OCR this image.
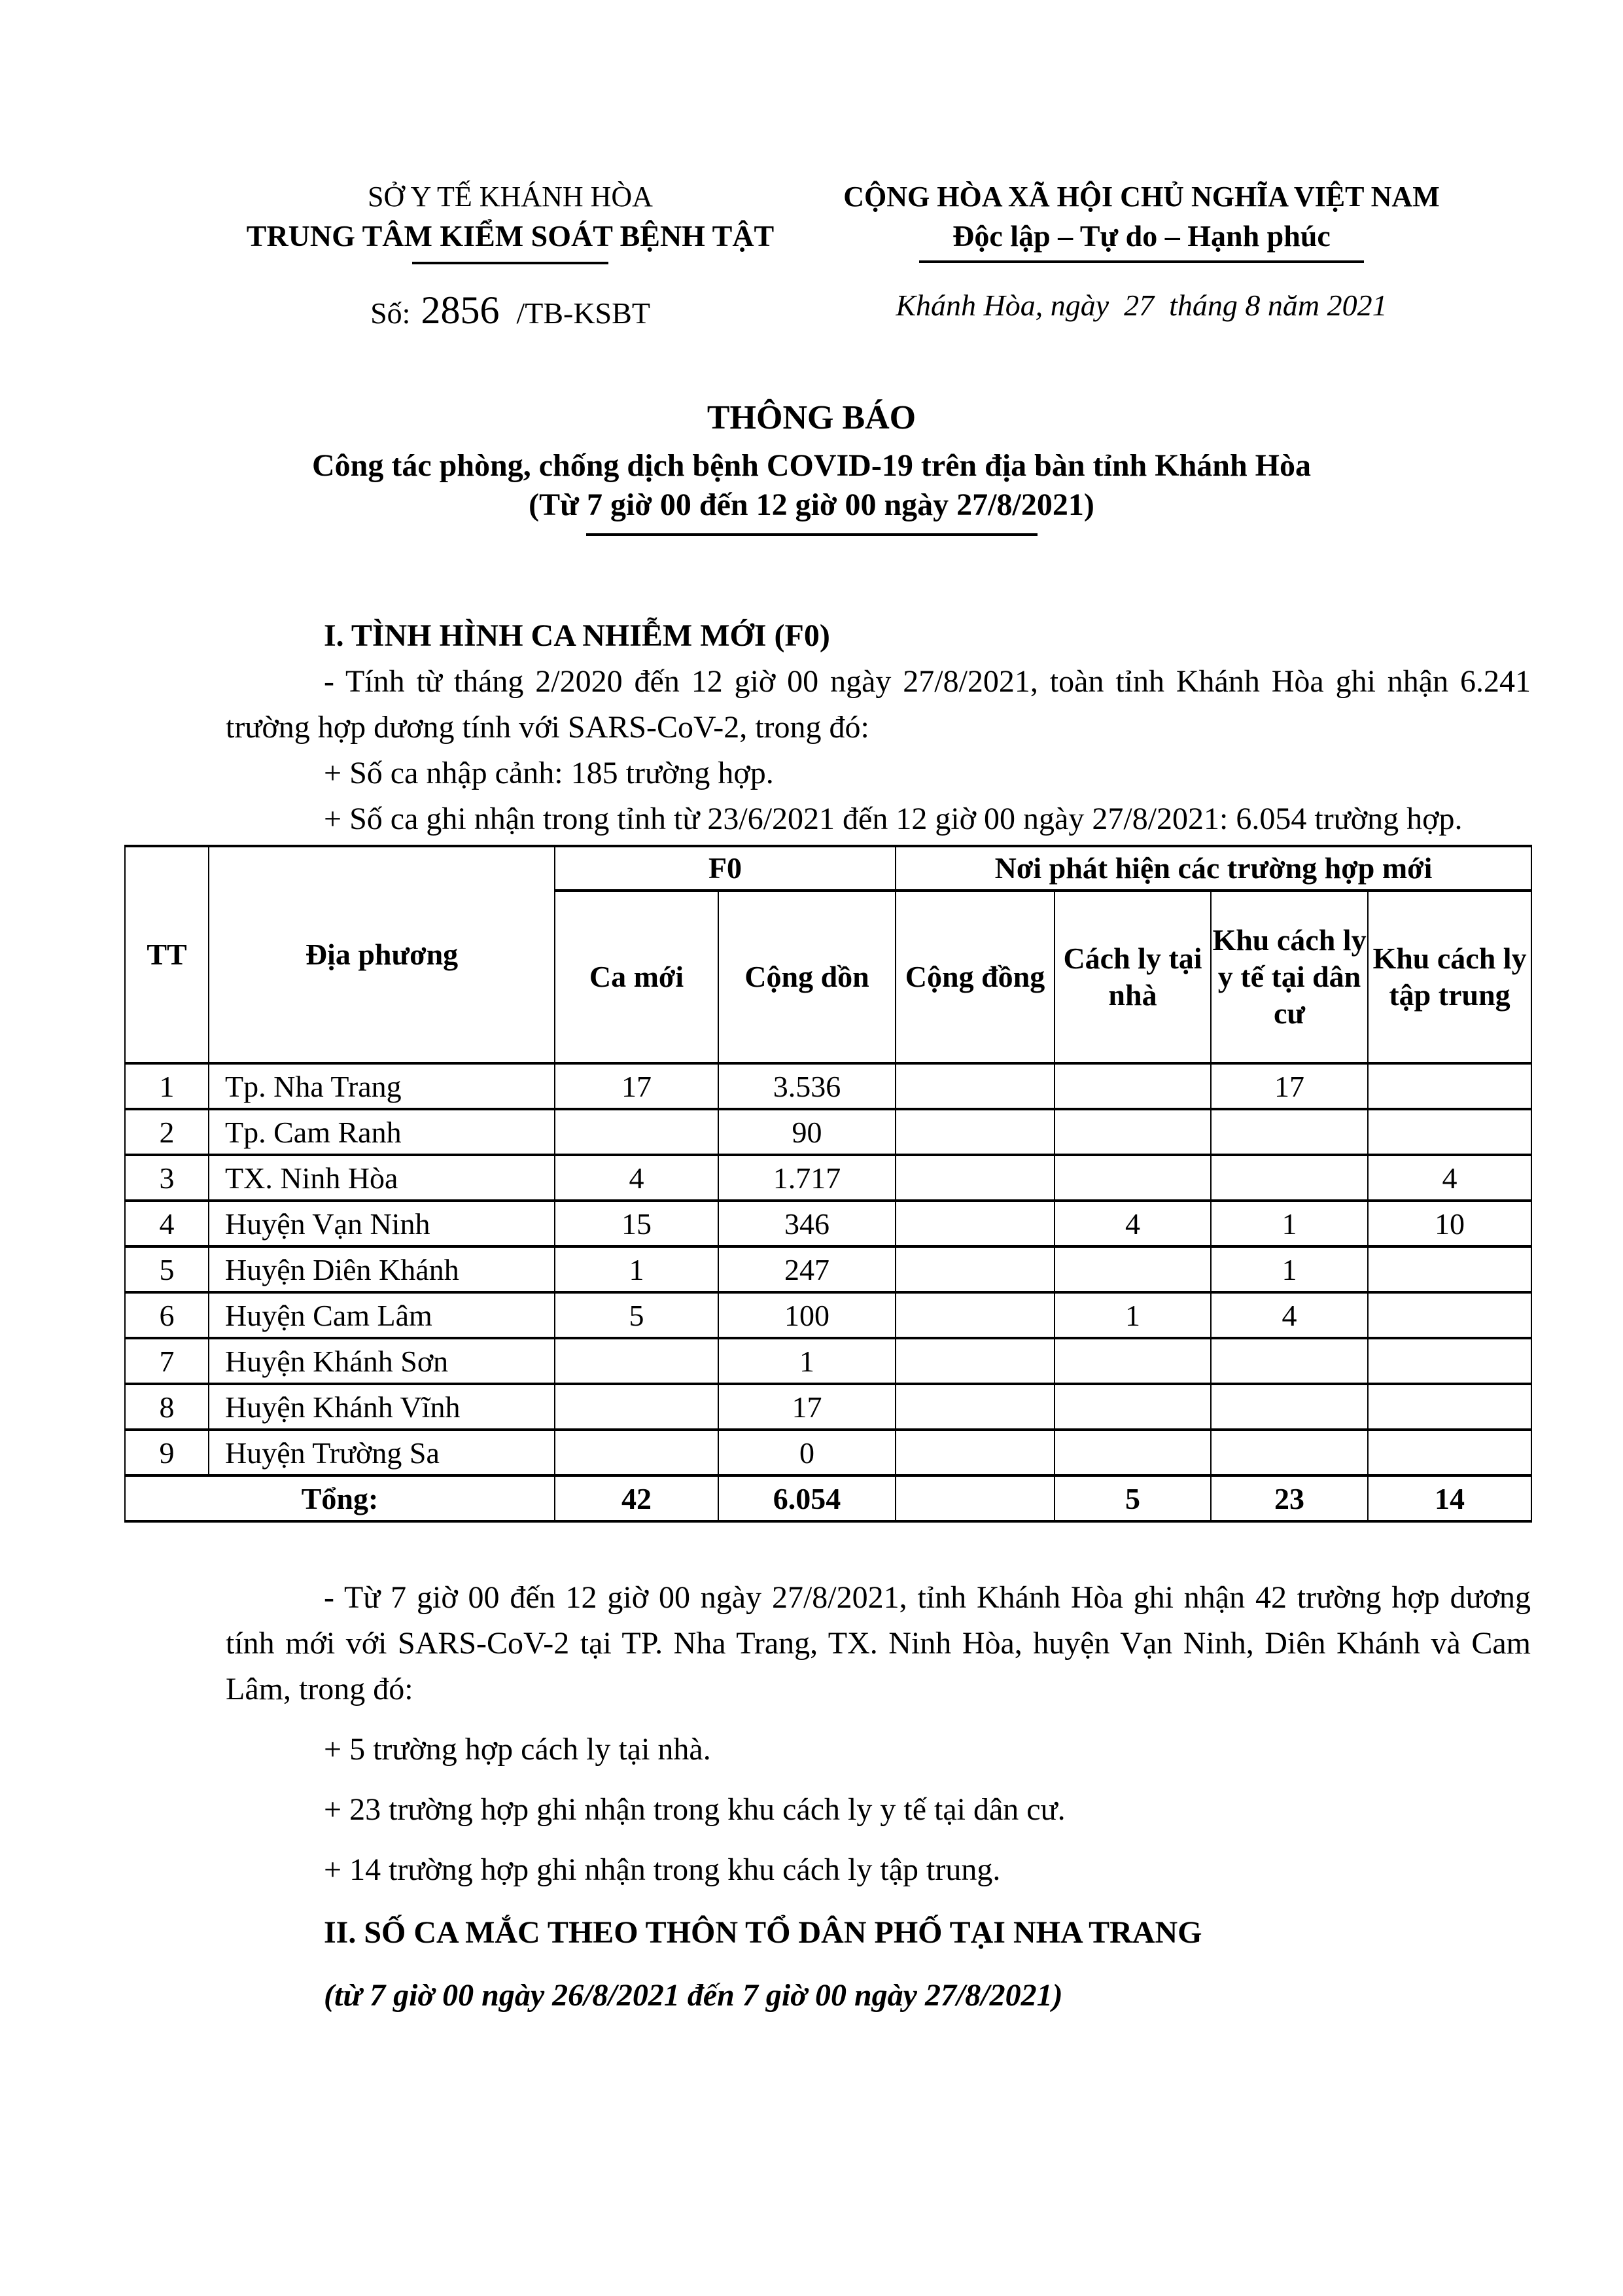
SỞ Y TẾ KHÁNH HÒA
TRUNG TÂM KIỂM SOÁT BỆNH TẬT
Số: 2856 /TB-KSBT
CỘNG HÒA XÃ HỘI CHỦ NGHĨA VIỆT NAM
Độc lập – Tự do – Hạnh phúc
Khánh Hòa, ngày  27  tháng 8 năm 2021
THÔNG BÁO
Công tác phòng, chống dịch bệnh COVID-19 trên địa bàn tỉnh Khánh Hòa
(Từ 7 giờ 00 đến 12 giờ 00 ngày 27/8/2021)

I. TÌNH HÌNH CA NHIỄM MỚI (F0)

- Tính từ tháng 2/2020 đến 12 giờ 00 ngày 27/8/2021, toàn tỉnh Khánh Hòa ghi nhận 6.241 trường hợp dương tính với SARS-CoV-2, trong đó:

+ Số ca nhập cảnh: 185 trường hợp.

+ Số ca ghi nhận trong tỉnh từ 23/6/2021 đến 12 giờ 00 ngày 27/8/2021: 6.054 trường hợp.

TT	Địa phương	F0		Nơi phát hiện các trường hợp mới			
		Ca mới	Cộng dồn	Cộng đồng	Cách ly tại nhà	Khu cách ly y tế tại dân cư	Khu cách ly tập trung
1	Tp. Nha Trang	17	3.536			17	
2	Tp. Cam Ranh		90				
3	TX. Ninh Hòa	4	1.717				4
4	Huyện Vạn Ninh	15	346		4	1	10
5	Huyện Diên Khánh	1	247			1	
6	Huyện Cam Lâm	5	100		1	4	
7	Huyện Khánh Sơn		1				
8	Huyện Khánh Vĩnh		17				
9	Huyện Trường Sa		0				
Tổng:		42	6.054		5	23	14

- Từ 7 giờ 00 đến 12 giờ 00 ngày 27/8/2021, tỉnh Khánh Hòa ghi nhận 42 trường hợp dương tính mới với SARS-CoV-2 tại TP. Nha Trang, TX. Ninh Hòa, huyện Vạn Ninh, Diên Khánh và Cam Lâm, trong đó:

+ 5 trường hợp cách ly tại nhà.

+ 23 trường hợp ghi nhận trong khu cách ly y tế tại dân cư.

+ 14 trường hợp ghi nhận trong khu cách ly tập trung.

II. SỐ CA MẮC THEO THÔN TỔ DÂN PHỐ TẠI NHA TRANG

(từ 7 giờ 00 ngày 26/8/2021 đến 7 giờ 00 ngày 27/8/2021)
